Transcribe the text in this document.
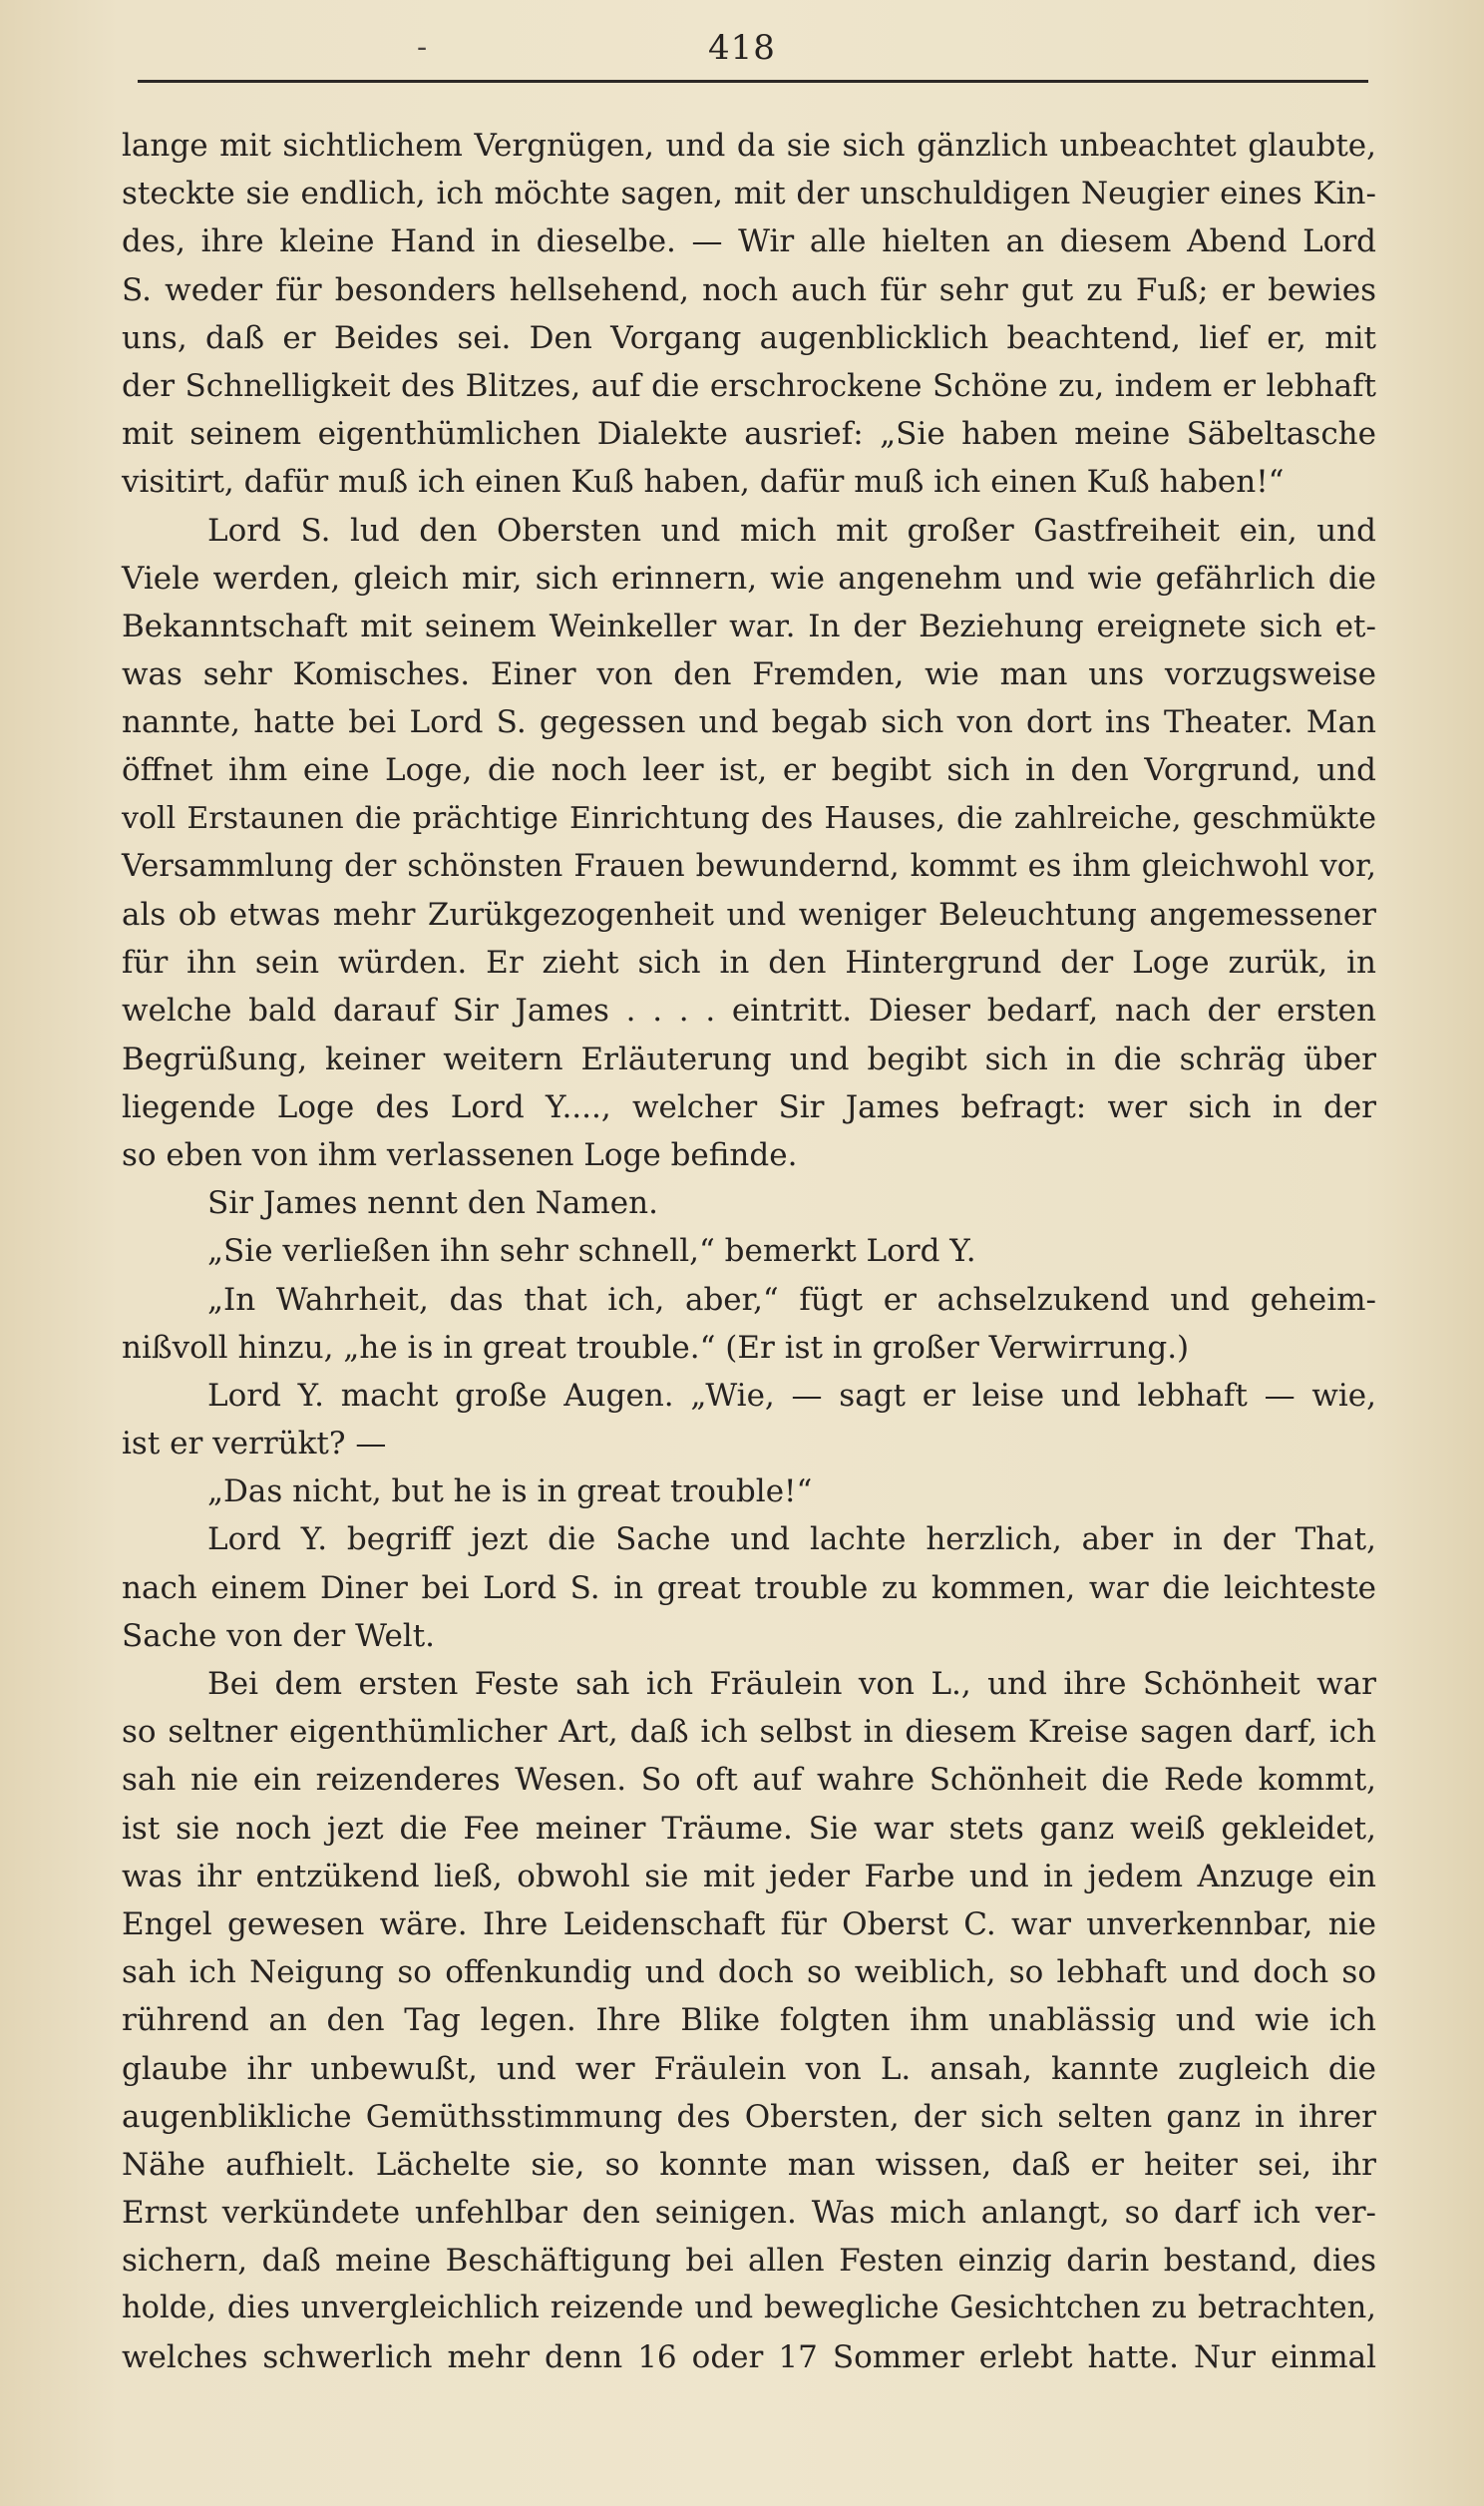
-	418
lange mit sichtlichem Vergnügen, und da sie sich gänzlich unbeachtet glaubte,
steckte sie endlich, ich möchte sagen, mit der unschuldigen Neugier eines Kin-
des, ihre kleine Hand in dieselbe. — Wir alle hielten an diesem Abend Lord
S. weder für besonders hellsehend, noch auch für sehr gut zu Fuß; er bewies
uns, daß er Beides sei. Den Vorgang augenblicklich beachtend, lief er, mit
der Schnelligkeit des Blitzes, auf die erschrockene Schöne zu, indem er lebhaft
mit seinem eigenthümlichen Dialekte ausrief: „Sie haben meine Säbeltasche
visitirt, dafür muß ich einen Kuß haben, dafür muß ich einen Kuß haben!“
Lord S. lud den Obersten und mich mit großer Gastfreiheit ein, und
Viele werden, gleich mir, sich erinnern, wie angenehm und wie gefährlich die
Bekanntschaft mit seinem Weinkeller war. In der Beziehung ereignete sich et-
was sehr Komisches. Einer von den Fremden, wie man uns vorzugsweise
nannte, hatte bei Lord S. gegessen und begab sich von dort ins Theater. Man
öffnet ihm eine Loge, die noch leer ist, er begibt sich in den Vorgrund, und
voll Erstaunen die prächtige Einrichtung des Hauses, die zahlreiche, geschmükte
Versammlung der schönsten Frauen bewundernd, kommt es ihm gleichwohl vor,
als ob etwas mehr Zurükgezogenheit und weniger Beleuchtung angemessener
für ihn sein würden. Er zieht sich in den Hintergrund der Loge zurük, in
welche bald darauf Sir James . . . . eintritt. Dieser bedarf, nach der ersten
Begrüßung, keiner weitern Erläuterung und begibt sich in die schräg über
liegende Loge des Lord Y...., welcher Sir James befragt: wer sich in der
so eben von ihm verlassenen Loge befinde.
Sir James nennt den Namen.
„Sie verließen ihn sehr schnell,“ bemerkt Lord Y.
„In Wahrheit, das that ich, aber,“ fügt er achselzukend und geheim-
nißvoll hinzu, „he is in great trouble.“ (Er ist in großer Verwirrung.)
Lord Y. macht große Augen. „Wie, — sagt er leise und lebhaft — wie,
ist er verrükt? —
„Das nicht, but he is in great trouble!“
Lord Y. begriff jezt die Sache und lachte herzlich, aber in der That,
nach einem Diner bei Lord S. in great trouble zu kommen, war die leichteste
Sache von der Welt.
Bei dem ersten Feste sah ich Fräulein von L., und ihre Schönheit war
so seltner eigenthümlicher Art, daß ich selbst in diesem Kreise sagen darf, ich
sah nie ein reizenderes Wesen. So oft auf wahre Schönheit die Rede kommt,
ist sie noch jezt die Fee meiner Träume. Sie war stets ganz weiß gekleidet,
was ihr entzükend ließ, obwohl sie mit jeder Farbe und in jedem Anzuge ein
Engel gewesen wäre. Ihre Leidenschaft für Oberst C. war unverkennbar, nie
sah ich Neigung so offenkundig und doch so weiblich, so lebhaft und doch so
rührend an den Tag legen. Ihre Blike folgten ihm unablässig und wie ich
glaube ihr unbewußt, und wer Fräulein von L. ansah, kannte zugleich die
augenblikliche Gemüthsstimmung des Obersten, der sich selten ganz in ihrer
Nähe aufhielt. Lächelte sie, so konnte man wissen, daß er heiter sei, ihr
Ernst verkündete unfehlbar den seinigen. Was mich anlangt, so darf ich ver-
sichern, daß meine Beschäftigung bei allen Festen einzig darin bestand, dies
holde, dies unvergleichlich reizende und bewegliche Gesichtchen zu betrachten,
welches schwerlich mehr denn 16 oder 17 Sommer erlebt hatte. Nur einmal
